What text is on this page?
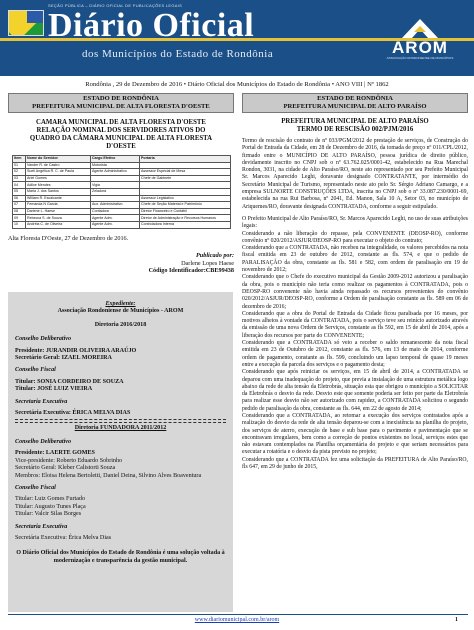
SEÇÃO PÚBLICA – DIÁRIO OFICIAL DE PUBLICAÇÕES LEGAIS
Diário Oficial
dos Municípios do Estado de Rondônia	AROM
ASSOCIAÇÃO RONDONIENSE DE MUNICÍPIOS
Rondônia , 29 de Dezembro de 2016 • Diário Oficial dos Municípios do Estado de Rondônia • ANO VIII | Nº 1862
ESTADO DE RONDÔNIA
PREFEITURA MUNICIPAL DE ALTA FLORESTA D'OESTE
CAMARA MUNICIPAL DE ALTA FLORESTA D'OESTE
RELAÇÃO NOMINAL DOS SERVIDORES ATIVOS DO
QUADRO DA CÂMARA MUNICIPAL DE ALTA FLORESTA
D'OESTE
Item	Nome do Servidor	Cargo Efetivo	Portaria
01	Vander R. de Castro	Motorista	
02	Sueli Angélica R. C. de Paula	Agente Administrativo	Assessor Especial de Mesa
03	Ariel Gomes		Chefe de Gabinete
04	Adilce Mendes	Vigia	
05	Maria J. dos Santos	Zeladora	
06	William R. Escalcante		Assessor Legislativo
07	Fernanda N Garcia	Aux. Administrativo	Chefe de Seção Material e Patrimônio
08	Darlene L. Haese	Contadora	Diretor Financeiro e Contábil
09	Rebecca S. de Souza	Agente Adm.	Diretor de Administração e Recursos Humanos
10	Andréia C. de Oliveira	Agente Adm.	Controladora Interna
Alta Floresta D'Oeste, 27 de Dezembro de 2016.
Publicado por:
Darlene Lopes Haese
Código Identificador:CBE99438
Expediente:
Associação Rondoniense de Municípios - AROM
Diretoria 2016/2018
Conselho Deliberativo
Presidente: JURANDIR OLIVEIRA ARAÚJO
Secretário Geral: IZAEL MOREIRA
Conselho Fiscal
Titular: SONIA CORDEIRO DE SOUZA
Titular: JOSÉ LUIZ VIEIRA
Secretaria Executiva
Secretária Executiva: ÉRICA MELVA DIAS
Diretoria FUNDADORA 2011/2012
Conselho Deliberativo
Presidente: LAERTE GOMES
Vice-presidente: Roberto Eduardo Sobrinho
Secretário Geral: Kleber Calistorti Souza
Membros: Eloisa Helena Bertoletti, Daniel Deina, Silvino Alves Boaventura
Conselho Fiscal
Titular: Luiz Gomes Furtado
Titular: Augusto Tunes Plaça
Titular: Valcir Silas Borges
Secretaria Executiva
Secretária Executiva: Érica Melva Dias
O Diário Oficial dos Municípios do Estado de Rondônia é uma solução voltada à modernização e transparência da gestão municipal.
ESTADO DE RONDÔNIA
PREFEITURA MUNICIPAL DE ALTO PARAÍSO
PREFEITURA MUNICIPAL DE ALTO PARAÍSO
TERMO DE RESCISÃO 002/PJM/2016
Termo de rescisão do contrato de nº 033/PGM/2012 de prestação de serviços, de Construção do Portal de Entrada da Cidade, em 28 de Dezembro de 2016, da tomada de preço nº 011/CPL/2012, firmado entre o MUNICÍPIO DE ALTO PARAÍSO, pessoa jurídica de direito público, devidamente inscrito no CNPJ sob o nº 63.762.025/0001-42, estabelecido na Rua Marechal Rondon, 3031, na cidade de Alto Paraíso/RO, neste ato representado por seu Prefeito Municipal Sr. Marcos Aparecido Leghi, doravante designado CONTRATANTE, por intermédio do Secretário Municipal de Turismo, representado neste ato pelo Sr. Sérgio Adriano Camargo, e a empresa SULNORTE CONSTRUÇÕES LTDA, inscrita no CNPJ sob o nº 33.087.230/0001-69, estabelecida na rua Rui Barbosa, nº 2041, Ed. Manon, Sala 10 A, Setor 03, no município de Ariquemes/RO, doravante designada CONTRATADA, conforme a seguir estipulado.
O Prefeito Municipal de Alto Paraíso/RO, Sr. Marcos Aparecido Leghi, no uso de suas atribuições legais:
Considerando a não liberação do repasse, pela CONVENENTE (DEOSP-RO), conforme convênio nº 020/2012/ASJUR/DEOSP-RO para executar o objeto do contrato;
Considerando que a CONTRATADA, não recebeu na integralidade, os valores percebidos na nota fiscal emitida em 23 de outubro de 2012, constante as fls. 574, e que o pedido de PARALISAÇÃO da obra, constante as fls. 581 e 582, com ordem de paralisação em 19 de novembro de 2012;
Considerando que o Chefe do executivo municipal da Gestão 2009-2012 autorizou a paralisação da obra, pois o município não teria como realizar os pagamentos à CONTRATADA, pois o DEOSP-RO convenente não havia ainda repassado os recursos provenientes do convênio 020/2012/ASJUR/DEOSP-RO, conforme a Ordem de paralisação constante as fls. 589 em 06 de dezembro de 2016;
Considerando que a obra do Portal de Entrada da Cidade ficou paralisada por 16 meses, por motivos alheios à vontade da CONTRATADA, pois o serviço teve seu reinício autorizado através da emissão de uma nova Ordem de Serviços, constante as fls 592, em 15 de abril de 2014, após a liberação dos recursos por parte do CONVENENTE;
Considerando que a CONTRATADA só veio a receber o saldo remanescente da nota fiscal emitida em 23 de Outubro de 2012, constante as fls. 576, em 13 de maio de 2014, conforme ordem de pagamento, constante as fls. 599, concluindo um lapso temporal de quase 19 meses entre a execução da parcela dos serviços e o pagamento desta;
Considerando que após reiniciar os serviços, em 15 de abril de 2014, a CONTRATADA se deparou com uma inadequação do projeto, que previa a instalação de uma estrutura metálica logo abaixo da rede de alta tensão da Eletrobrás, situação esta que obrigou o município a SOLICITAR da Eletrobrás o desvio da rede. Desvio este que somente poderia ser feito por parte da Eletrobrás para realizar esse desvio não ser autorizado com rapidez, a CONTRATADA solicitou o segundo pedido de paralisação da obra, constante as fls. 644, em 22 de agosto de 2014;
Considerando que a CONTRATADA, ao retomar a execução dos serviços contratados após a realização do desvio da rede de alta tensão deparou-se com a inexistência na planilha do projeto, dos serviços de aterro, execução de base e sub base para o pavimento e pavimentação que se encontravam irregulares, bem como a correção de pontos existentes no local, serviços estes que não estavam contemplados na Planilha orçamentária do projeto e que seriam necessários para executar a rotatória e o desvio da pista previsto no projeto;
Considerando que a CONTRATADA fez uma solicitação da PREFEITURA de Alto Paraíso/RO, fls 647, em 29 de junho de 2015,
www.diariomunicipal.com.br/arom	1
